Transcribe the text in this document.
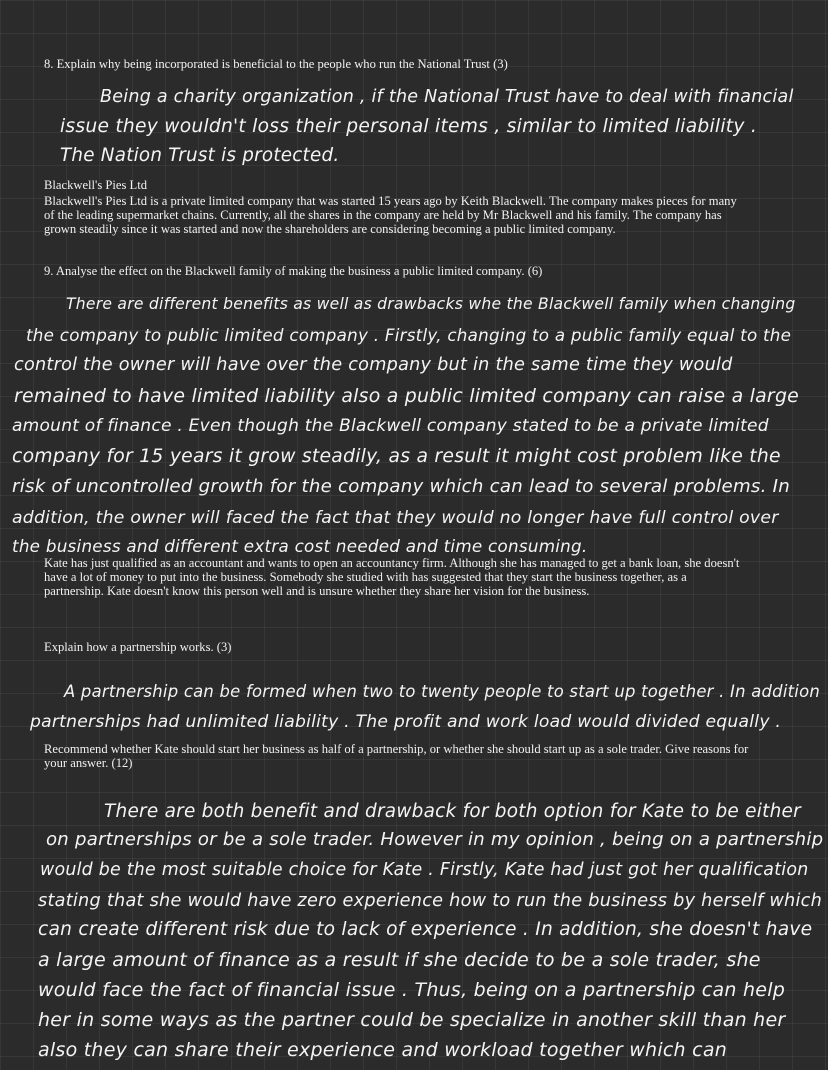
8. Explain why being incorporated is beneficial to the people who run the National Trust (3)
Being a charity organization , if the National Trust have to deal with financial
issue they wouldn't loss their personal items , similar to limited liability .
The Nation Trust is protected.
Blackwell's Pies Ltd
Blackwell's Pies Ltd is a private limited company that was started 15 years ago by Keith Blackwell. The company makes pieces for many of the leading supermarket chains. Currently, all the shares in the company are held by Mr Blackwell and his family. The company has grown steadily since it was started and now the shareholders are considering becoming a public limited company.
9. Analyse the effect on the Blackwell family of making the business a public limited company. (6)
There are different benefits as well as drawbacks whe the Blackwell family when changing
the company to public limited company . Firstly, changing to a public family equal to the
control the owner will have over the company but in the same time they would
remained to have limited liability also a public limited company can raise a large
amount of finance . Even though the Blackwell company stated to be a private limited
company for 15 years it grow steadily, as a result it might cost problem like the
risk of uncontrolled growth for the company which can lead to several problems. In
addition, the owner will faced the fact that they would no longer have full control over
the business and different extra cost needed and time consuming.
Kate has just qualified as an accountant and wants to open an accountancy firm. Although she has managed to get a bank loan, she doesn't have a lot of money to put into the business. Somebody she studied with has suggested that they start the business together, as a partnership. Kate doesn't know this person well and is unsure whether they share her vision for the business.
Explain how a partnership works. (3)
A partnership can be formed when two to twenty people to start up together . In addition
partnerships had unlimited liability . The profit and work load would divided equally .
Recommend whether Kate should start her business as half of a partnership, or whether she should start up as a sole trader. Give reasons for your answer. (12)
There are both benefit and drawback for both option for Kate to be either
on partnerships or be a sole trader. However in my opinion , being on a partnership
would be the most suitable choice for Kate . Firstly, Kate had just got her qualification
stating that she would have zero experience how to run the business by herself which
can create different risk due to lack of experience . In addition, she doesn't have
a large amount of finance as a result if she decide to be a sole trader, she
would face the fact of financial issue . Thus, being on a partnership can help
her in some ways as the partner could be specialize in another skill than her
also they can share their experience and workload together which can
